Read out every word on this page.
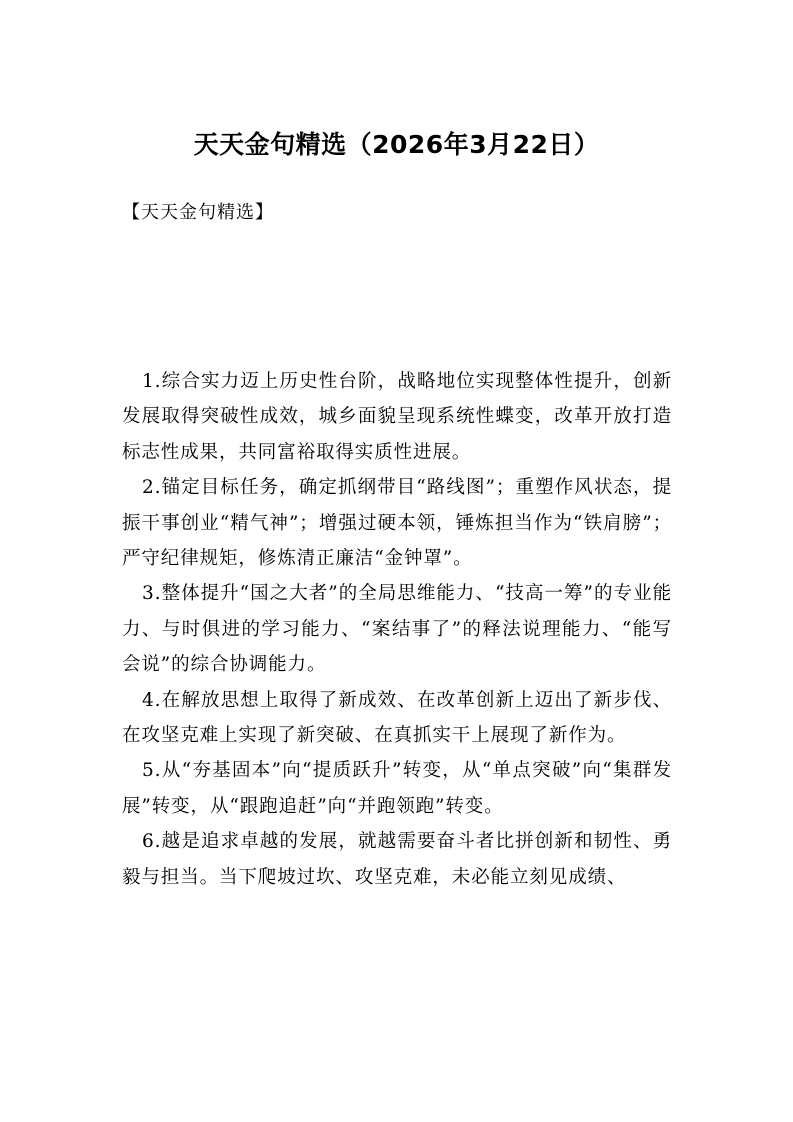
天天金句精选（2026年3月22日）

【天天金句精选】

1.综合实力迈上历史性台阶，战略地位实现整体性提升，创新发展取得突破性成效，城乡面貌呈现系统性蝶变，改革开放打造标志性成果，共同富裕取得实质性进展。

2.锚定目标任务，确定抓纲带目“路线图”；重塑作风状态，提振干事创业“精气神”；增强过硬本领，锤炼担当作为“铁肩膀”；严守纪律规矩，修炼清正廉洁“金钟罩”。

3.整体提升“国之大者”的全局思维能力、“技高一筹”的专业能力、与时俱进的学习能力、“案结事了”的释法说理能力、“能写会说”的综合协调能力。

4.在解放思想上取得了新成效、在改革创新上迈出了新步伐、在攻坚克难上实现了新突破、在真抓实干上展现了新作为。

5.从“夯基固本”向“提质跃升”转变，从“单点突破”向“集群发展”转变，从“跟跑追赶”向“并跑领跑”转变。

6.越是追求卓越的发展，就越需要奋斗者比拼创新和韧性、勇毅与担当。当下爬坡过坎、攻坚克难，未必能立刻见成绩、
